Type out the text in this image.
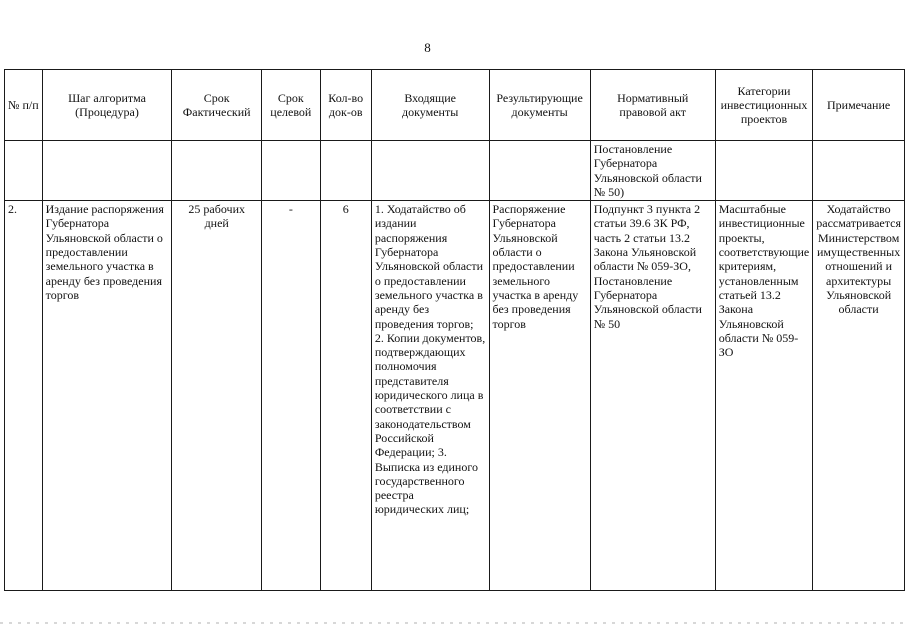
8
№ п/п	Шаг алгоритма (Процедура)	Срок Фактический	Срок целевой	Кол-во док-ов	Входящие документы	Результирующие документы	Нормативный правовой акт	Категории инвестиционных проектов	Примечание
							Постановление Губернатора Ульяновской области № 50)		
2.	Издание распоряжения Губернатора Ульяновской области о предоставлении земельного участка в аренду без проведения торгов	25 рабочих дней	-	6	1. Ходатайство об издании распоряжения Губернатора Ульяновской области о предоставлении земельного участка в аренду без проведения торгов; 2. Копии документов, подтверждающих полномочия представителя юридического лица в соответствии с законодательством Российской Федерации; 3. Выписка из единого государственного реестра юридических лиц;	Распоряжение Губернатора Ульяновской области о предоставлении земельного участка в аренду без проведения торгов	Подпункт 3 пункта 2 статьи 39.6 ЗК РФ, часть 2 статьи 13.2 Закона Ульяновской области № 059-ЗО, Постановление Губернатора Ульяновской области № 50	Масштабные инвестиционные проекты, соответствующие критериям, установленным статьей 13.2 Закона Ульяновской области № 059-ЗО	Ходатайство рассматривается Министерством имущественных отношений и архитектуры Ульяновской области
